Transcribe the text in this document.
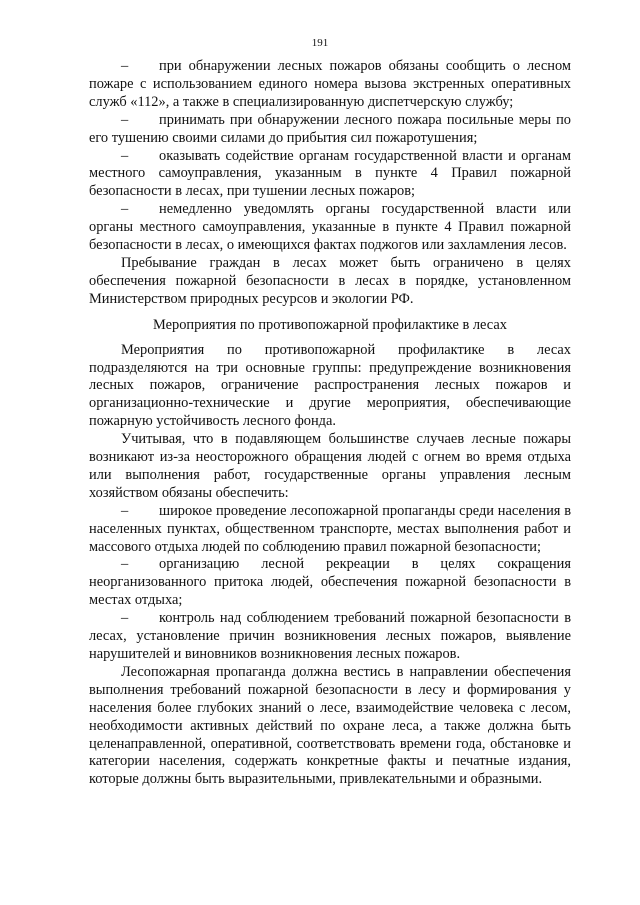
191

– при обнаружении лесных пожаров обязаны сообщить о лесном пожаре с использованием единого номера вызова экстренных оперативных служб «112», а также в специализированную диспетчерскую службу;

– принимать при обнаружении лесного пожара посильные меры по его тушению своими силами до прибытия сил пожаротушения;

– оказывать содействие органам государственной власти и органам местного самоуправления, указанным в пункте 4 Правил пожарной безопасности в лесах, при тушении лесных пожаров;

– немедленно уведомлять органы государственной власти или органы местного самоуправления, указанные в пункте 4 Правил пожарной безопасности в лесах, о имеющихся фактах поджогов или захламления лесов.

Пребывание граждан в лесах может быть ограничено в целях обеспечения пожарной безопасности в лесах в порядке, установленном Министерством природных ресурсов и экологии РФ.

Мероприятия по противопожарной профилактике в лесах

Мероприятия по противопожарной профилактике в лесах подразделяются на три основные группы: предупреждение возникновения лесных пожаров, ограничение распространения лесных пожаров и организационно-технические и другие мероприятия, обеспечивающие пожарную устойчивость лесного фонда.

Учитывая, что в подавляющем большинстве случаев лесные пожары возникают из-за неосторожного обращения людей с огнем во время отдыха или выполнения работ, государственные органы управления лесным хозяйством обязаны обеспечить:

– широкое проведение лесопожарной пропаганды среди населения в населенных пунктах, общественном транспорте, местах выполнения работ и массового отдыха людей по соблюдению правил пожарной безопасности;

– организацию лесной рекреации в целях сокращения неорганизованного притока людей, обеспечения пожарной безопасности в местах отдыха;

– контроль над соблюдением требований пожарной безопасности в лесах, установление причин возникновения лесных пожаров, выявление нарушителей и виновников возникновения лесных пожаров.

Лесопожарная пропаганда должна вестись в направлении обеспечения выполнения требований пожарной безопасности в лесу и формирования у населения более глубоких знаний о лесе, взаимодействие человека с лесом, необходимости активных действий по охране леса, а также должна быть целенаправленной, оперативной, соответствовать времени года, обстановке и категории населения, содержать конкретные факты и печатные издания, которые должны быть выразительными, привлекательными и образными.
